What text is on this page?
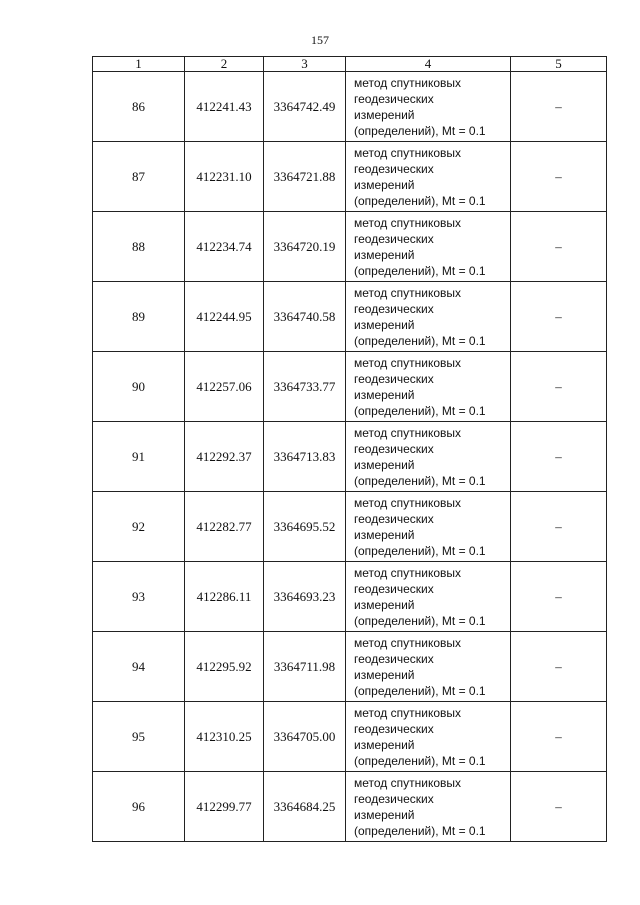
157
1	2	3	4	5
86	412241.43	3364742.49	метод спутниковых
геодезических
измерений
(определений), Mt = 0.1	–
87	412231.10	3364721.88	метод спутниковых
геодезических
измерений
(определений), Mt = 0.1	–
88	412234.74	3364720.19	метод спутниковых
геодезических
измерений
(определений), Mt = 0.1	–
89	412244.95	3364740.58	метод спутниковых
геодезических
измерений
(определений), Mt = 0.1	–
90	412257.06	3364733.77	метод спутниковых
геодезических
измерений
(определений), Mt = 0.1	–
91	412292.37	3364713.83	метод спутниковых
геодезических
измерений
(определений), Mt = 0.1	–
92	412282.77	3364695.52	метод спутниковых
геодезических
измерений
(определений), Mt = 0.1	–
93	412286.11	3364693.23	метод спутниковых
геодезических
измерений
(определений), Mt = 0.1	–
94	412295.92	3364711.98	метод спутниковых
геодезических
измерений
(определений), Mt = 0.1	–
95	412310.25	3364705.00	метод спутниковых
геодезических
измерений
(определений), Mt = 0.1	–
96	412299.77	3364684.25	метод спутниковых
геодезических
измерений
(определений), Mt = 0.1	–
